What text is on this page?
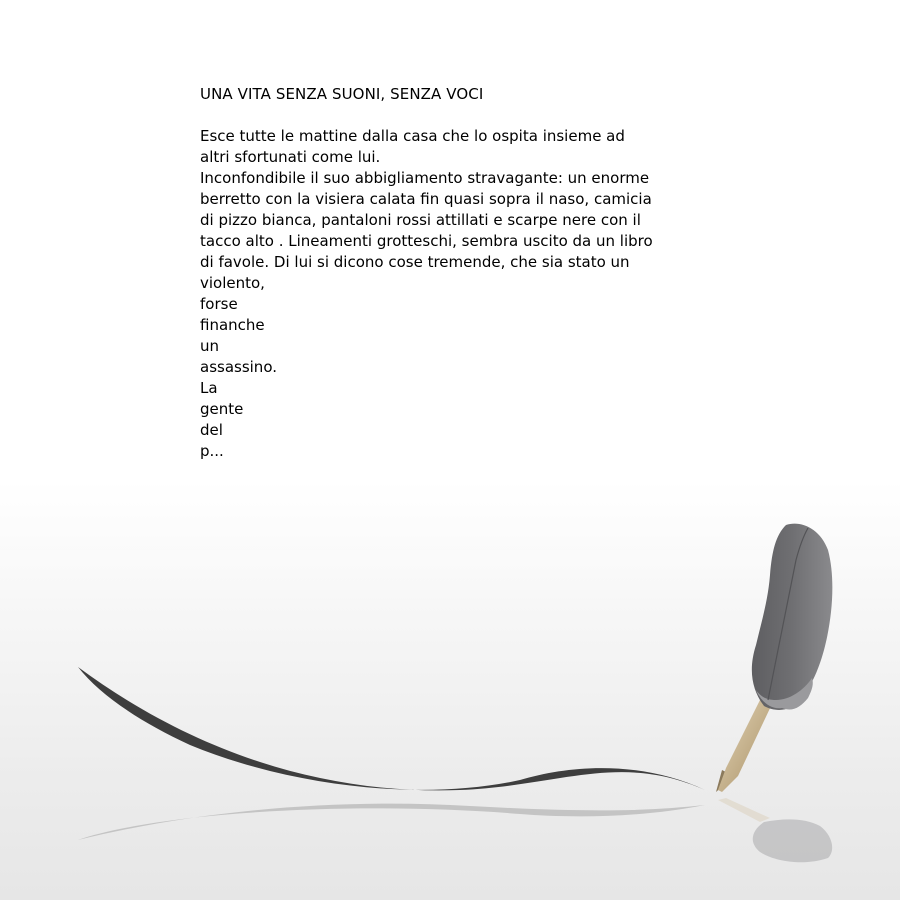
UNA VITA SENZA SUONI, SENZA VOCI
Esce tutte le mattine dalla casa che lo ospita insieme ad
altri sfortunati come lui.
Inconfondibile il suo abbigliamento stravagante: un enorme
berretto con la visiera calata fin quasi sopra il naso, camicia
di pizzo bianca, pantaloni rossi attillati e scarpe nere con il
tacco alto . Lineamenti grotteschi, sembra uscito da un libro
di favole. Di lui si dicono cose tremende, che sia stato un
violento,
forse
finanche
un
assassino.
La
gente
del
p...
